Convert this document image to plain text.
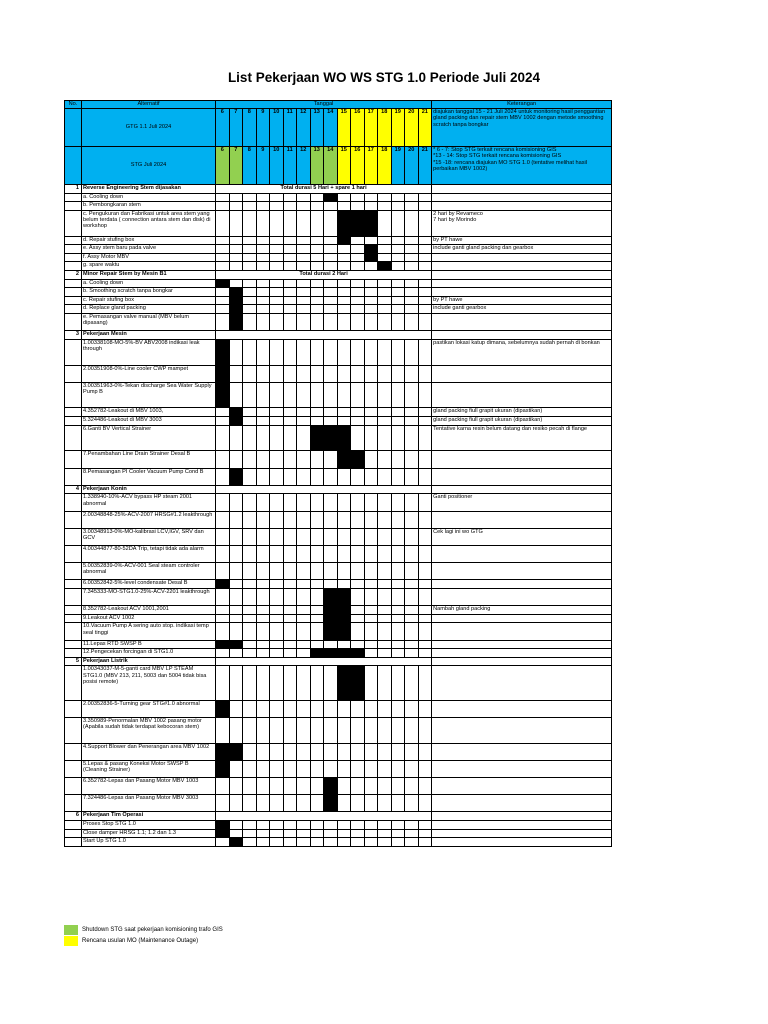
List Pekerjaan WO WS STG 1.0 Periode Juli 2024
No.	Alternatif	Tanggal																Keterangan
	GTG 1.1 Juli 2024	6	7	8	9	10	11	12	13	14	15	16	17	18	19	20	21	diajukan tanggal 15 - 21 Juli 2024 untuk monitoring hasil penggantian gland packing dan repair stem MBV 1002 dengan metode smoothing scratch tanpa bongkar
	STG Juli 2024	6	7	8	9	10	11	12	13	14	15	16	17	18	19	20	21	* 6 - 7: Stop STG terkait rencana komisioning GIS
*13 - 14: Stop STG terkait rencana komisioning GIS
*15 -18: rencana diajukan MO STG 1.0 (tentative melihat hasil perbaikan MBV 1002)
1	Reverse Engineering Stem dijasakan	Total durasi 5 Hari + spare 1 hari																
	a. Cooling down																	
	b. Pembongkaran stem																	
	c. Pengukuran dan Fabrikasi untuk area stem yang belum terdata ( connection antara stem dan disk) di workshop																	2 hari by Revameco
7 hari by Morindo
	d. Repair stufing box																	by PT hawe
	e. Assy stem baru pada valve																	include ganti gland packing dan gearbox
	f. Assy Motor MBV																	
	g. spare waktu																	
2	Minor Repair Stem by Mesin B1	Total durasi 2 Hari																
	a. Cooling down																	
	b. Smoothing scratch tanpa bongkar																	
	c. Repair stufing box																	by PT hawe
	d. Replace gland packing																	include ganti gearbox
	e. Pemasangan valve manual (MBV belum dipasang)																	
3	Pekerjaan Mesin																	
	1.00338108-MO-5%-BV ABV2008 indikasi leak through																	pastikan lokasi katup dimana, sebelumnya sudah pernah di bonkan
	2.00351908-0%-Line cooler CWP mampet																	
	3.00351963-0%-Tekan discharge Sea Water Supply Pump B																	
	4.352782-Leakout di MBV 1003,																	gland packing fiull grapit ukuran (dipastikan)
	5.324486-Leakout di MBV 3003																	gland packing fiull grapit ukuran (dipastikan)
	6.Ganti BV Vertical Strainer																	Tentative karna resin belum datang dan resiko pecah di flange
	7.Penambahan Line Drain Strainer Desal B																	
	8.Pemasangan PI Cooler Vacuum Pump Cond B																	
4	Pekerjaan Konin																	
	1.338940-10%-ACV bypass HP steam 2001 abnormal																	Ganti positioner
	2.00348848-25%-ACV-2007 HRSG#1.2 leakthrough																	
	3.00348913-0%-MO-kalibrasi LCV,IGV, SRV dan GCV																	Cek lagi ini wo GTG
	4.00344877-80-52DA Trip, tetapi tidak ada alarm																	
	5.00352839-0%-ACV-001 Seal steam controler abnormal																	
	6.00352842-5%-level condensate Desal B																	
	7.345333-MO-STG1.0-25%-ACV-2201 leakthrough																	
	8.352782-Leakout ACV 1001,2001																	Nambah gland packing
	9.Leakout ACV 1002																	
	10.Vacuum Pump A sering auto stop. indikasi temp seal tinggi																	
	11.Lepas RTD SWSP B																	
	12.Pengecekan forcingan di STG1.0																	
5	Pekerjaan Listrik																	
	1.00343037-M-5-ganti card MBV LP STEAM STG1.0 (MBV 213, 211, 5003 dan 5004 tidak bisa posisi remote)																	
	2.00352836-5-Turning gear STG#1.0 abnormal																	
	3.350989-Penormalan MBV 1002 pasang motor (Apabila sudah tidak terdapat kebocoran stem)																	
	4.Support Blower dan Penerangan area MBV 1002																	
	5.Lepas & pasang Koneksi Motor SWSP B (Cleaning Strainer)																	
	6.352782-Lepas dan Pasang Motor MBV 1003																	
	7.324486-Lepas dan Pasang Motor MBV 3003																	
6	Pekerjaan Tim Operasi																	
	Proses Stop STG 1.0																	
	Close damper HRSG 1.1; 1.2 dan 1.3																	
	Start Up STG 1.0																	
Shutdown STG saat pekerjaan komisioning trafo GIS
Rencana usulan MO (Maintenance Outage)
